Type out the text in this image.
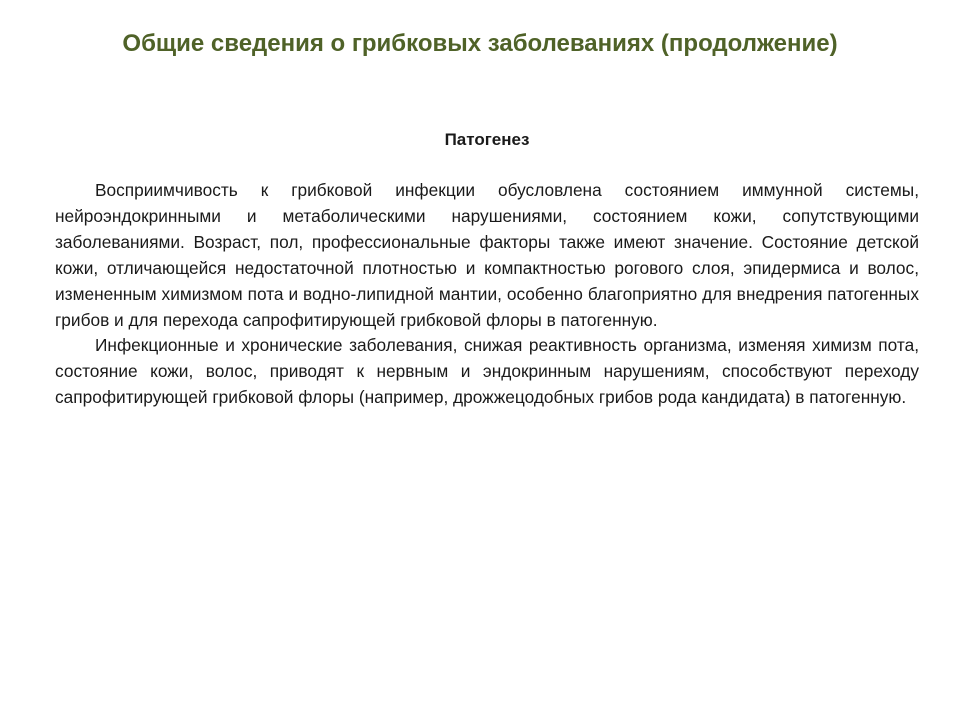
Общие сведения о грибковых заболеваниях (продолжение)
Патогенез

Восприимчивость к грибковой инфекции обусловлена состоянием иммунной системы, нейроэндокринными и метаболическими нарушениями, состоянием кожи, сопутствующими заболеваниями. Возраст, пол, профессиональные факторы также имеют значение. Состояние детской кожи, отличающейся недостаточной плотностью и компактностью рогового слоя, эпидермиса и волос, измененным химизмом пота и водно-липидной мантии, особенно благоприятно для внедрения патогенных грибов и для перехода сапрофитирующей грибковой флоры в патогенную.

Инфекционные и хронические заболевания, снижая реактивность организма, изменяя химизм пота, состояние кожи, волос, приводят к нервным и эндокринным нарушениям, способствуют переходу сапрофитирующей грибковой флоры (например, дрожжецодобных грибов рода кандидата) в патогенную.
